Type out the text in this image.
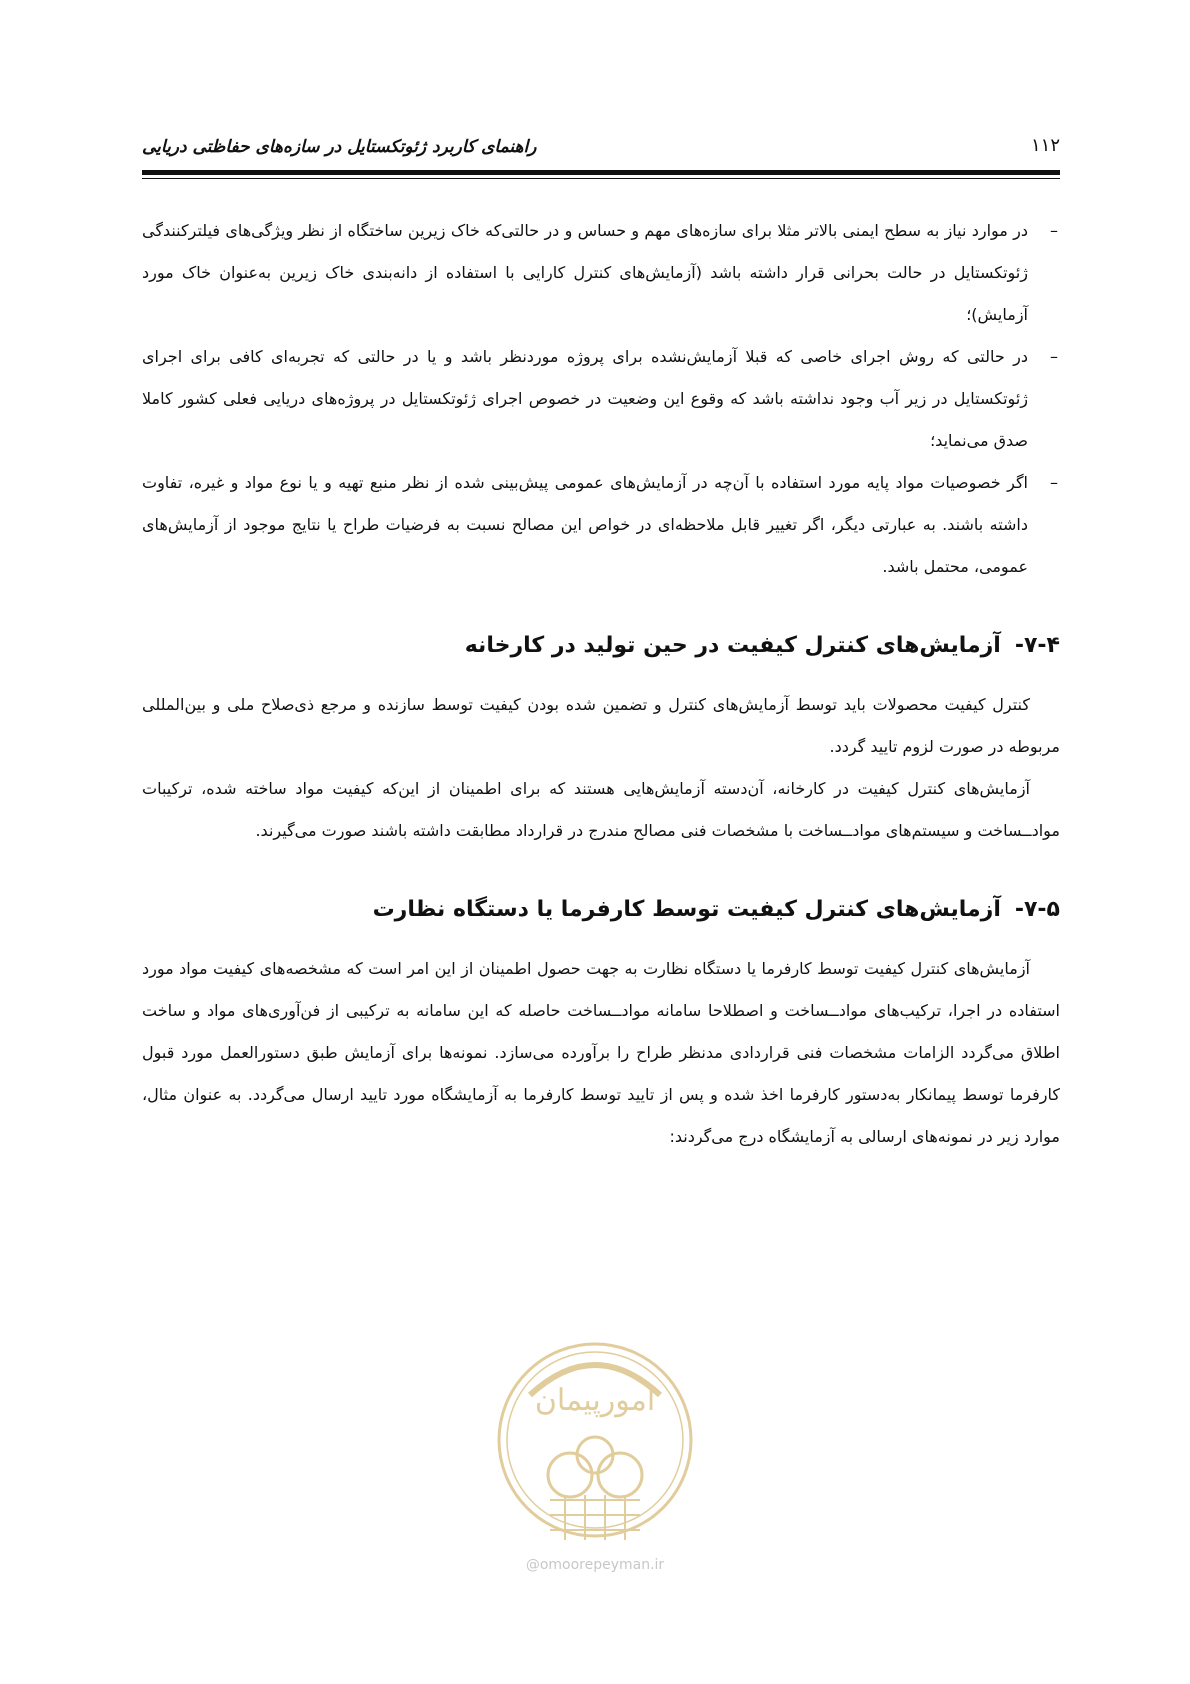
۱۱۲
راهنمای کاربرد ژئوتکستایل در سازه‌های حفاظتی دریایی
–
در موارد نیاز به سطح ایمنی بالاتر مثلا برای سازه‌های مهم و حساس و در حالتی‌که خاک زیرین ساختگاه از نظر ویژگی‌های فیلترکنندگی ژئوتکستایل در حالت بحرانی قرار داشته باشد (آزمایش‌های کنترل کارایی با استفاده از دانه‌بندی خاک زیرین به‌عنوان خاک مورد آزمایش)؛
–
در حالتی که روش اجرای خاصی که قبلا آزمایش‌نشده برای پروژه موردنظر باشد و یا در حالتی که تجربه‌ای کافی برای اجرای ژئوتکستایل در زیر آب وجود نداشته باشد که وقوع این وضعیت در خصوص اجرای ژئوتکستایل در پروژه‌های دریایی فعلی کشور کاملا صدق می‌نماید؛
–
اگر خصوصیات مواد پایه مورد استفاده با آن‌چه در آزمایش‌های عمومی پیش‌بینی شده از نظر منبع تهیه و یا نوع مواد و غیره، تفاوت داشته باشند. به عبارتی دیگر، اگر تغییر قابل ملاحظه‌ای در خواص این مصالح نسبت به فرضیات طراح یا نتایج موجود از آزمایش‌های عمومی، محتمل باشد.
۷-۴-آزمایش‌های کنترل کیفیت در حین تولید در کارخانه

کنترل کیفیت محصولات باید توسط آزمایش‌های کنترل و تضمین شده بودن کیفیت توسط سازنده و مرجع ذی‌صلاح ملی و بین‌المللی مربوطه در صورت لزوم تایید گردد.

آزمایش‌های کنترل کیفیت در کارخانه، آن‌دسته آزمایش‌هایی هستند که برای اطمینان از این‌که کیفیت مواد ساخته شده، ترکیبات مواد‌ــساخت و سیستم‌های مواد‌ــساخت با مشخصات فنی مصالح مندرج در قرارداد مطابقت داشته باشند صورت می‌گیرند.

۷-۵-آزمایش‌های کنترل کیفیت توسط کارفرما یا دستگاه نظارت

آزمایش‌های کنترل کیفیت توسط کارفرما یا دستگاه نظارت به جهت حصول اطمینان از این امر است که مشخصه‌های کیفیت مواد مورد استفاده در اجرا، ترکیب‌های مواد‌ــساخت و اصطلاحا سامانه مواد‌ــساخت حاصله که این سامانه به ترکیبی از فن‌آوری‌های مواد و ساخت اطلاق می‌گردد الزامات مشخصات فنی قراردادی مدنظر طراح را برآورده می‌سازد. نمونه‌ها برای آزمایش طبق دستورالعمل مورد قبول کارفرما توسط پیمانکار به‌دستور کارفرما اخذ شده و پس از تایید توسط کارفرما به آزمایشگاه مورد تایید ارسال می‌گردد. به عنوان مثال، موارد زیر در نمونه‌های ارسالی به آزمایشگاه درج می‌گردند:

امورپیمان
@omoorepeyman.ir
